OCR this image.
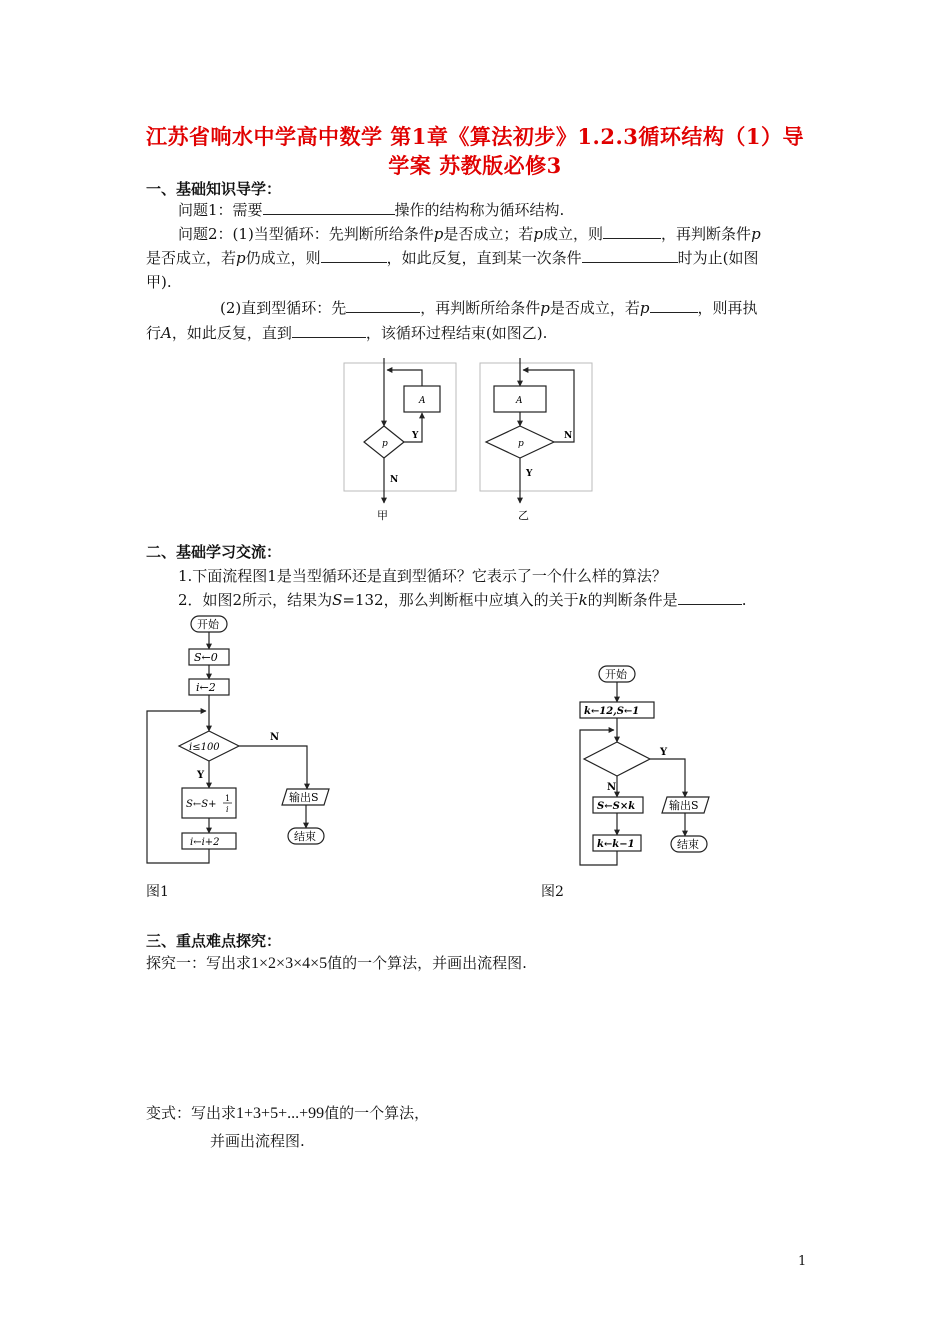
江苏省响水中学高中数学 第1章《算法初步》1.2.3循环结构（1）导
学案 苏教版必修3
一、基础知识导学：
问题1：需要	操作的结构称为循环结构.
问题2：(1)当型循环：先判断所给条件p是否成立；若p成立，则	，再判断条件p
是否成立，若p仍成立，则	，如此反复，直到某一次条件	时为止(如图
甲).
(2)直到型循环：先	，再判断所给条件p是否成立，若p	，则再执
行A，如此反复，直到	，该循环过程结束(如图乙).
p
A
Y
N
甲
A
p
N
Y
乙
二、基础学习交流：
1.下面流程图1是当型循环还是直到型循环？它表示了一个什么样的算法？
2．如图2所示，结果为S=132，那么判断框中应填入的关于k的判断条件是	.
开始
S←0
i←2
i≤100
N
Y
S←S+
1
i
i←i+2
输出S
结束
图1
开始
k←12,S←1
Y
N
S←S×k
k←k−1
输出S
结束
图2
三、重点难点探究：
探究一：写出求1×2×3×4×5值的一个算法，并画出流程图.
变式：写出求1+3+5+...+99值的一个算法，
并画出流程图.
1
